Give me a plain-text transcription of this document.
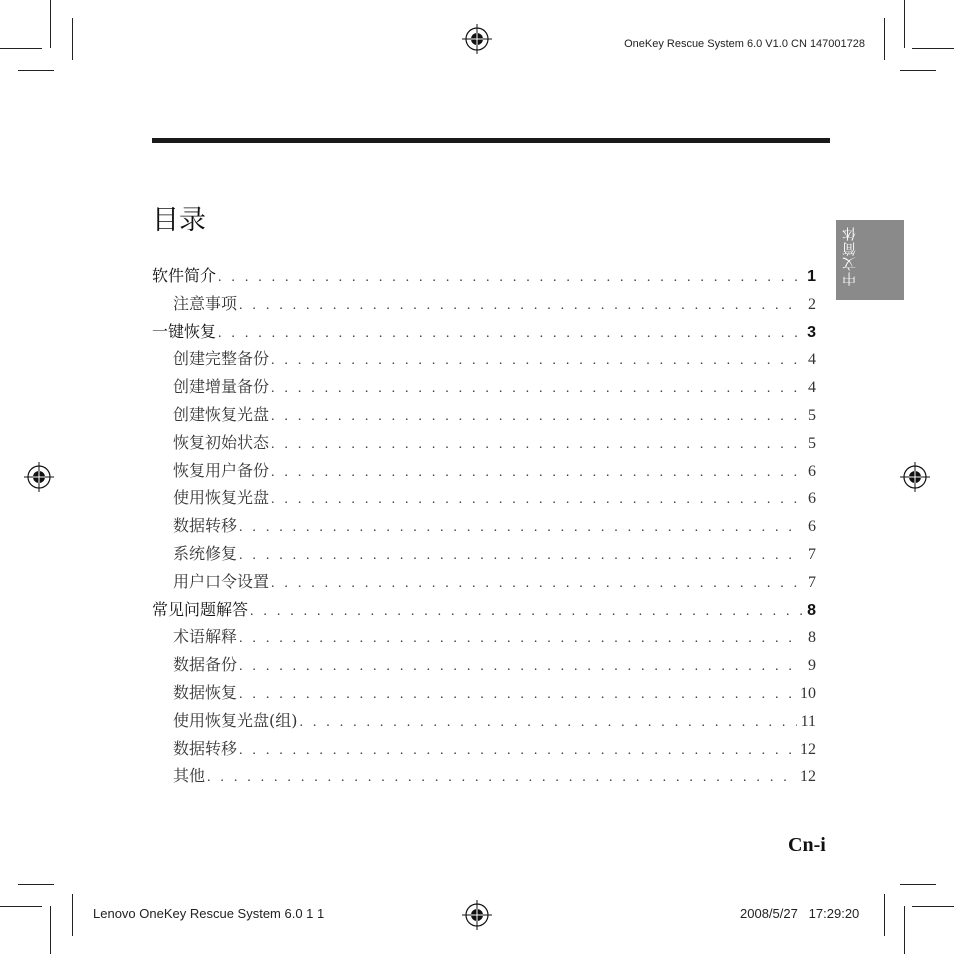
OneKey Rescue System 6.0 V1.0 CN 147001728
目录
中文简体
软件简介 . . .	1
注意事项 . . .	2
一键恢复 . . .	3
创建完整备份 . . .	4
创建增量备份 . . .	4
创建恢复光盘 . . .	5
恢复初始状态 . . .	5
恢复用户备份 . . .	6
使用恢复光盘 . . .	6
数据转移 . . .	6
系统修复 . . .	7
用户口令设置 . . .	7
常见问题解答 . . .	8
术语解释 . . .	8
数据备份 . . .	9
数据恢复 . . .	10
使用恢复光盘(组) . . .	11
数据转移 . . .	12
其他 . . .	12
Cn-i
Lenovo OneKey Rescue System 6.0 1 1	2008/5/27   17:29:20
